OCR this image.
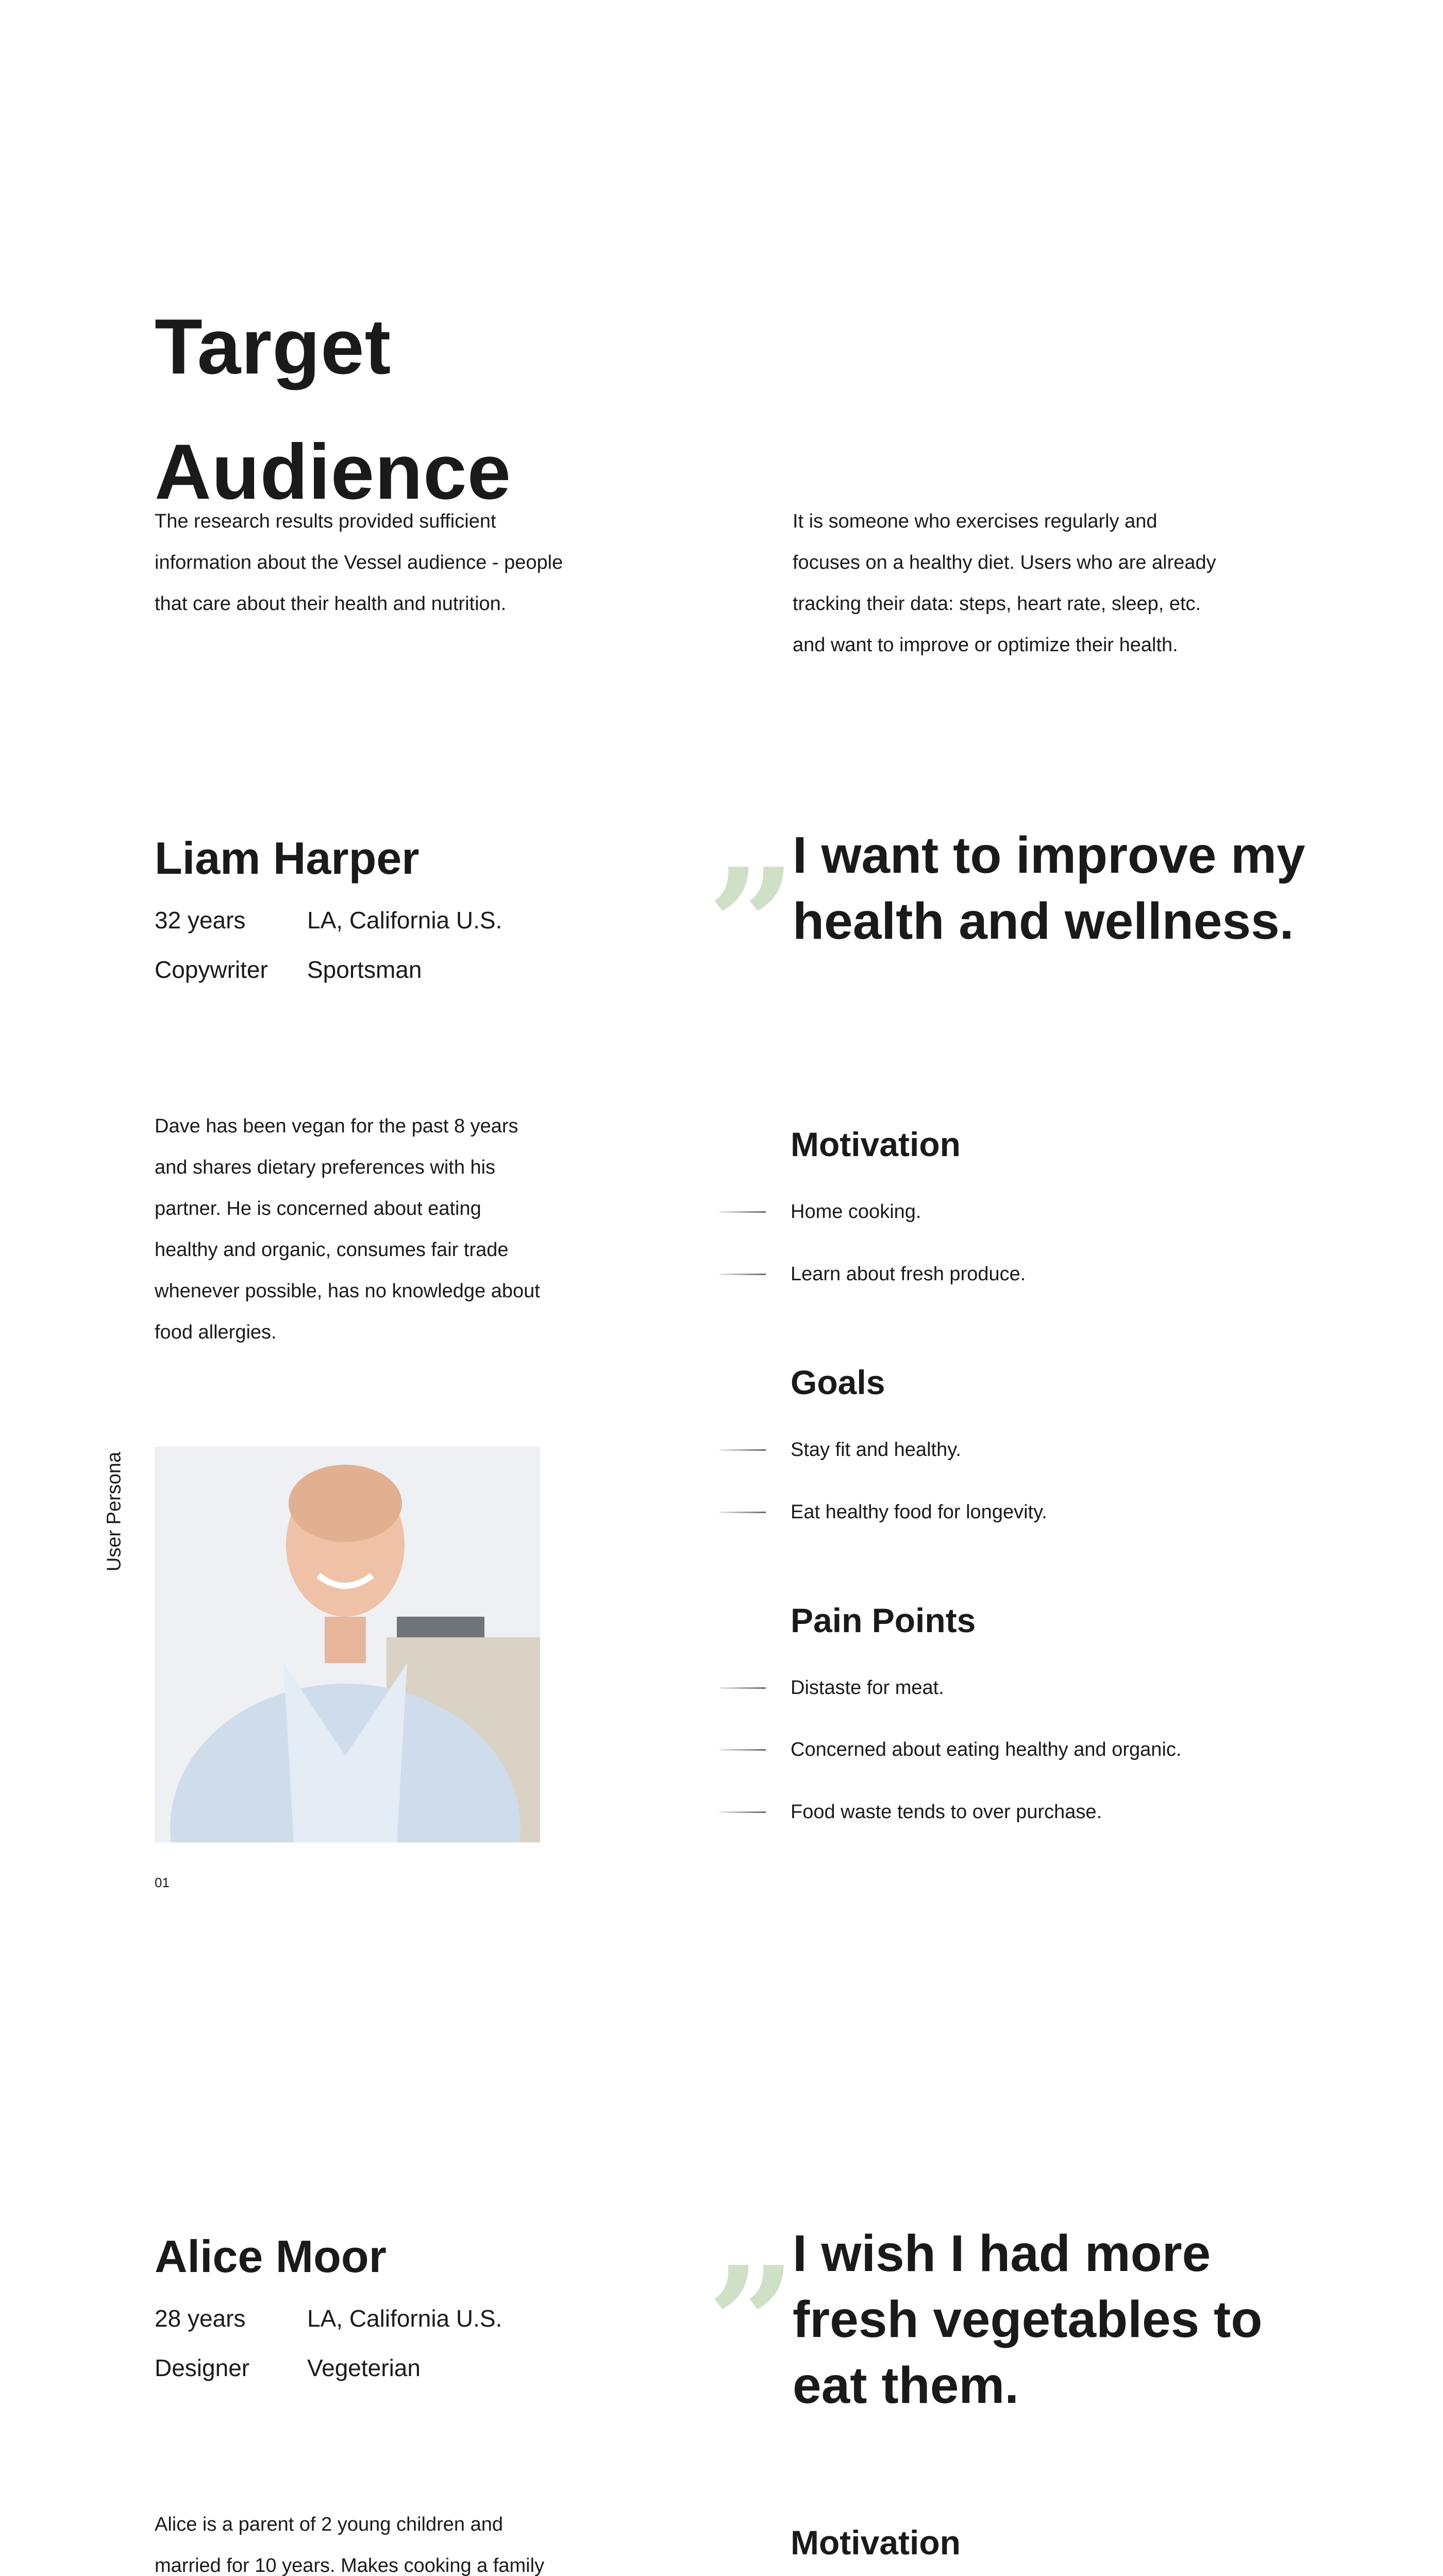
Target Audience

The research results provided sufficient information about the Vessel audience - people that care about their health and nutrition.

It is someone who exercises regularly and focuses on a healthy diet. Users who are already tracking their data: steps, heart rate, sleep, etc. and want to improve or optimize their health.

Liam Harper
32 years	LA, California U.S.
Copywriter Sportsman

Dave has been vegan for the past 8 years and shares dietary preferences with his partner. He is concerned about eating healthy and organic, consumes fair trade whenever possible, has no knowledge about food allergies.

User Persona
01
”
I want to improve my health and wellness.
Motivation
Home cooking.
Learn about fresh produce.
Goals
Stay fit and healthy.
Eat healthy food for longevity.
Pain Points
Distaste for meat.
Concerned about eating healthy and organic.
Food waste tends to over purchase.
Alice Moor
28 years	LA, California U.S.
Designer Vegeterian

Alice is a parent of 2 young children and married for 10 years. Makes cooking a family

”
I wish I had more fresh vegetables to eat them.
Motivation
